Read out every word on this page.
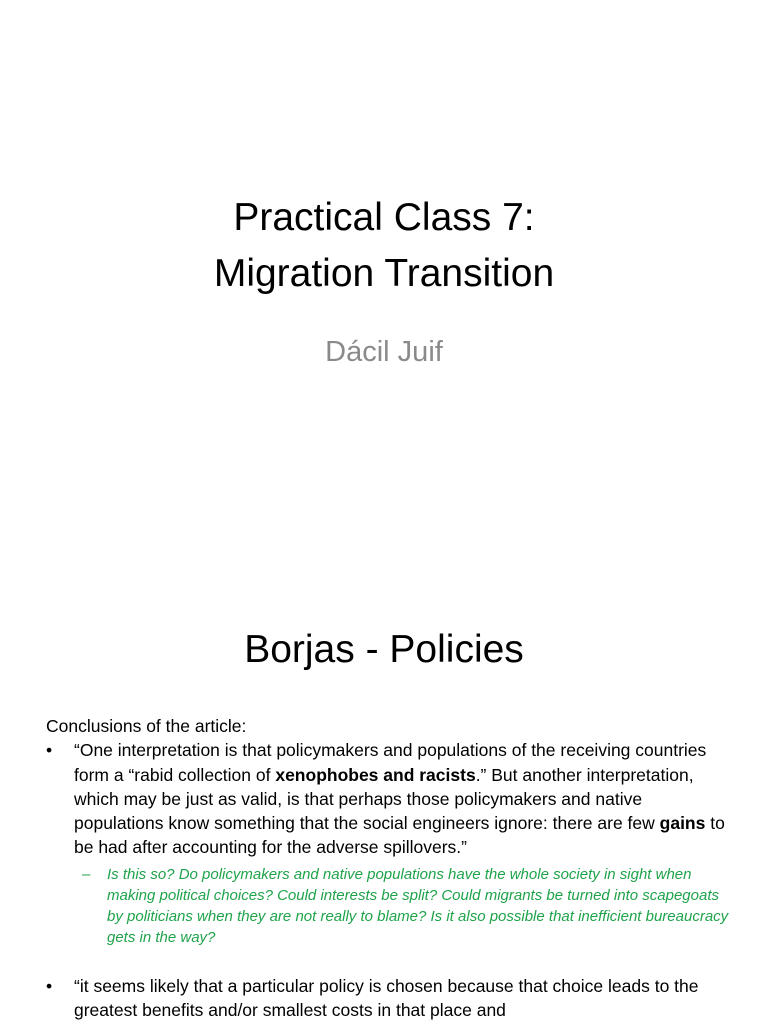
Practical Class 7:
Migration Transition
Dácil Juif
Borjas - Policies

Conclusions of the article:

• “One interpretation is that policymakers and populations of the receiving countries form a “rabid collection of xenophobes and racists.” But another interpretation, which may be just as valid, is that perhaps those policymakers and native populations know something that the social engineers ignore: there are few gains to be had after accounting for the adverse spillovers.”
– Is this so? Do policymakers and native populations have the whole society in sight when making political choices? Could interests be split? Could migrants be turned into scapegoats by politicians when they are not really to blame? Is it also possible that inefficient bureaucracy gets in the way?
• “it seems likely that a particular policy is chosen because that choice leads to the greatest benefits and/or smallest costs in that place and
